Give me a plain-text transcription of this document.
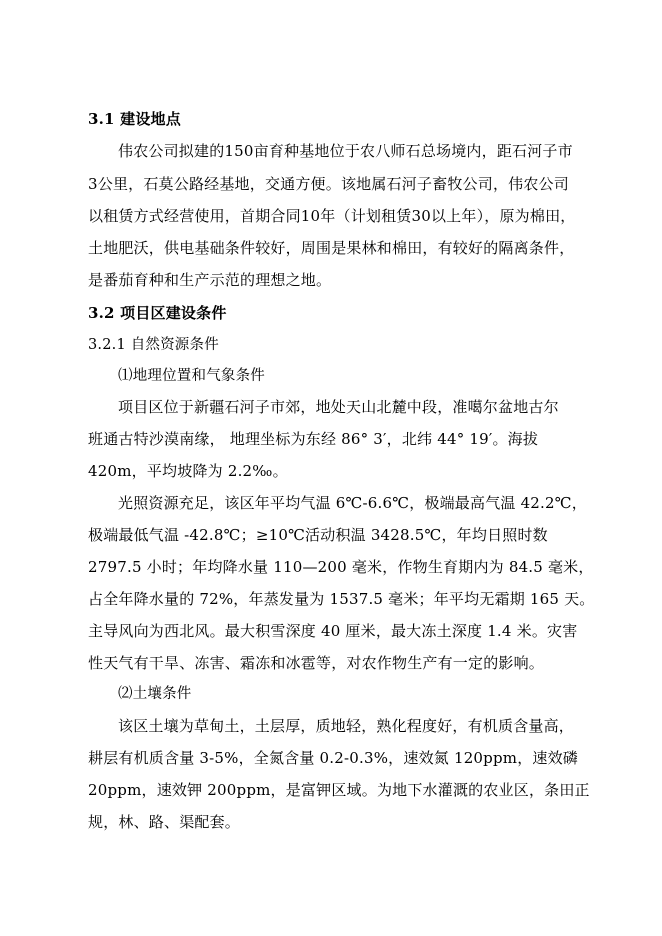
3.1 建设地点
伟农公司拟建的150亩育种基地位于农八师石总场境内，距石河子市
3公里，石莫公路经基地，交通方便。该地属石河子畜牧公司，伟农公司
以租赁方式经营使用，首期合同10年（计划租赁30以上年），原为棉田，
土地肥沃，供电基础条件较好，周围是果林和棉田，有较好的隔离条件，
是番茄育种和生产示范的理想之地。
3.2 项目区建设条件
3.2.1 自然资源条件
⑴地理位置和气象条件
项目区位于新疆石河子市郊，地处天山北麓中段，准噶尔盆地古尔
班通古特沙漠南缘， 地理坐标为东经 86° 3′，北纬 44° 19′。海拔
420m，平均坡降为 2.2‰。
光照资源充足，该区年平均气温 6℃-6.6℃，极端最高气温 42.2℃，
极端最低气温 -42.8℃；≥10℃活动积温 3428.5℃，年均日照时数
2797.5 小时；年均降水量 110—200 毫米，作物生育期内为 84.5 毫米，
占全年降水量的 72%，年蒸发量为 1537.5 毫米；年平均无霜期 165 天。
主导风向为西北风。最大积雪深度 40 厘米，最大冻土深度 1.4 米。灾害
性天气有干旱、冻害、霜冻和冰雹等，对农作物生产有一定的影响。
⑵土壤条件
该区土壤为草甸土，土层厚，质地轻，熟化程度好，有机质含量高，
耕层有机质含量 3-5%，全氮含量 0.2-0.3%，速效氮 120ppm，速效磷
20ppm，速效钾 200ppm，是富钾区域。为地下水灌溉的农业区，条田正
规，林、路、渠配套。
